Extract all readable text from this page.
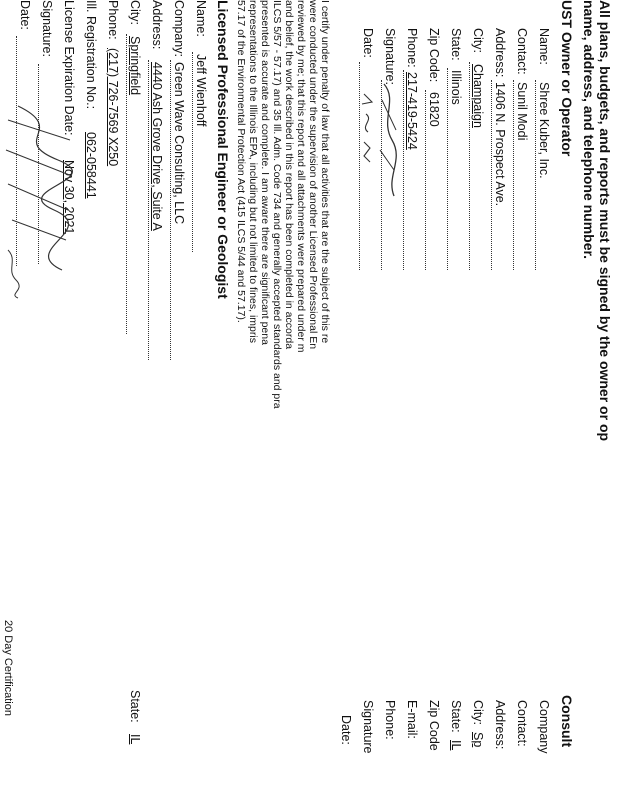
All plans, budgets, and reports must be signed by the owner or op
name, address, and telephone number.
UST Owner or Operator
Name:
Shree Kuber, Inc.
Contact:
Sunil Modi
Address:
1406 N. Prospect Ave.
City:
Champaign
State:
Illinois
Zip Code:
61820
Phone:
217-419-5424
Signature:
Date:
Consult
Company
Contact:
Address:
City:
Sp
State:
IL
Zip Code
E-mail:
Phone:
Signature
Date:
I certify under penalty of law that all activities that are the subject of this re
were conducted under the supervision of another Licensed Professional En
reviewed by me; that this report and all attachments were prepared under m
and belief, the work described in this report has been completed in accorda
ILCS 5/57 - 57.17) and 35 Ill. Adm. Code 734 and generally accepted standards and pra
presented is accurate and complete. I am aware there are significant pena
representations to the Illinois EPA, including but not limited to fines, impris
57.17 of the Environmental Protection Act (415 ILCS 5/44 and 57.17).
Licensed Professional Engineer or Geologist
Name:
Jeff Wienhoff
Company:
Green Wave Consulting, LLC
Address:
4440 Ash Grove Drive, Suite A
City:
Springfield
State:
IL
Phone:
(217) 726-7569 X250
Ill. Registration No.:
062-058441
License Expiration Date:
Nov 30, 2021
Signature:
Date:
20 Day Certification
